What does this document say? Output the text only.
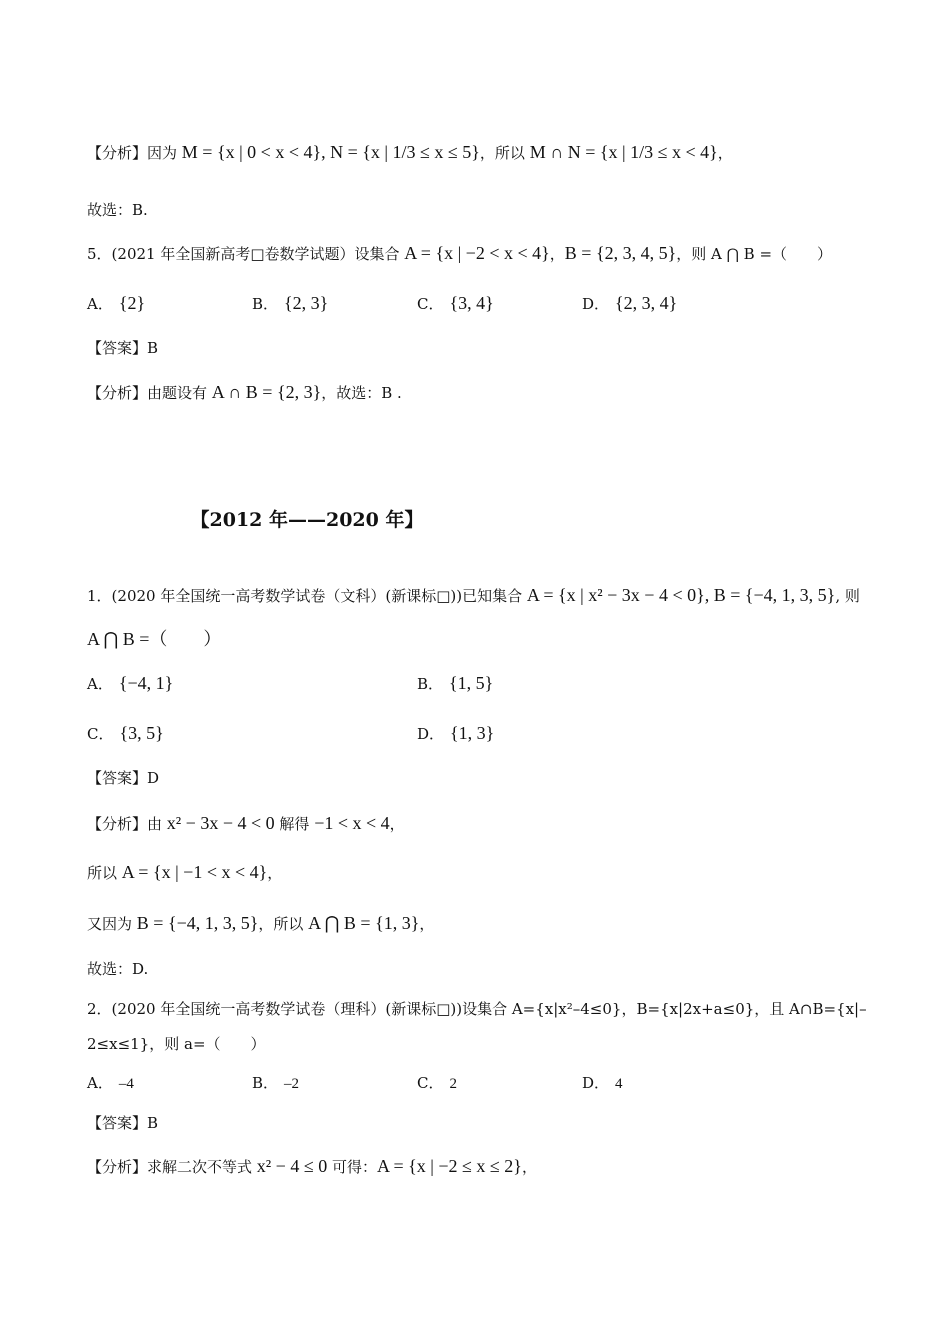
【分析】因为 M = {x | 0 < x < 4}, N = {x | 1/3 ≤ x ≤ 5}，所以 M ∩ N = {x | 1/3 ≤ x < 4}，
故选：B.
5．(2021 年全国新高考□卷数学试题）设集合 A = {x | −2 < x < 4}，B = {2, 3, 4, 5}，则 A ⋂ B =（　　）
A． {2}	B． {2, 3}	C． {3, 4}	D． {2, 3, 4}
【答案】B
【分析】由题设有 A ∩ B = {2, 3}，故选：B .
【2012 年——2020 年】
1．(2020 年全国统一高考数学试卷（文科）(新课标□))已知集合 A = {x | x² − 3x − 4 < 0}, B = {−4, 1, 3, 5}, 则
A ⋂ B =（　　）
A． {−4, 1}	B． {1, 5}
C． {3, 5}	D． {1, 3}
【答案】D
【分析】由 x² − 3x − 4 < 0 解得 −1 < x < 4，
所以 A = {x | −1 < x < 4}，
又因为 B = {−4, 1, 3, 5}，所以 A ⋂ B = {1, 3}，
故选：D.
2．(2020 年全国统一高考数学试卷（理科）(新课标□))设集合 A={x|x²–4≤0}，B={x|2x+a≤0}，且 A∩B={x|–
2≤x≤1}，则 a=（　　）
A． –4	B． –2	C． 2	D． 4
【答案】B
【分析】求解二次不等式 x² − 4 ≤ 0 可得：A = {x | −2 ≤ x ≤ 2}，
